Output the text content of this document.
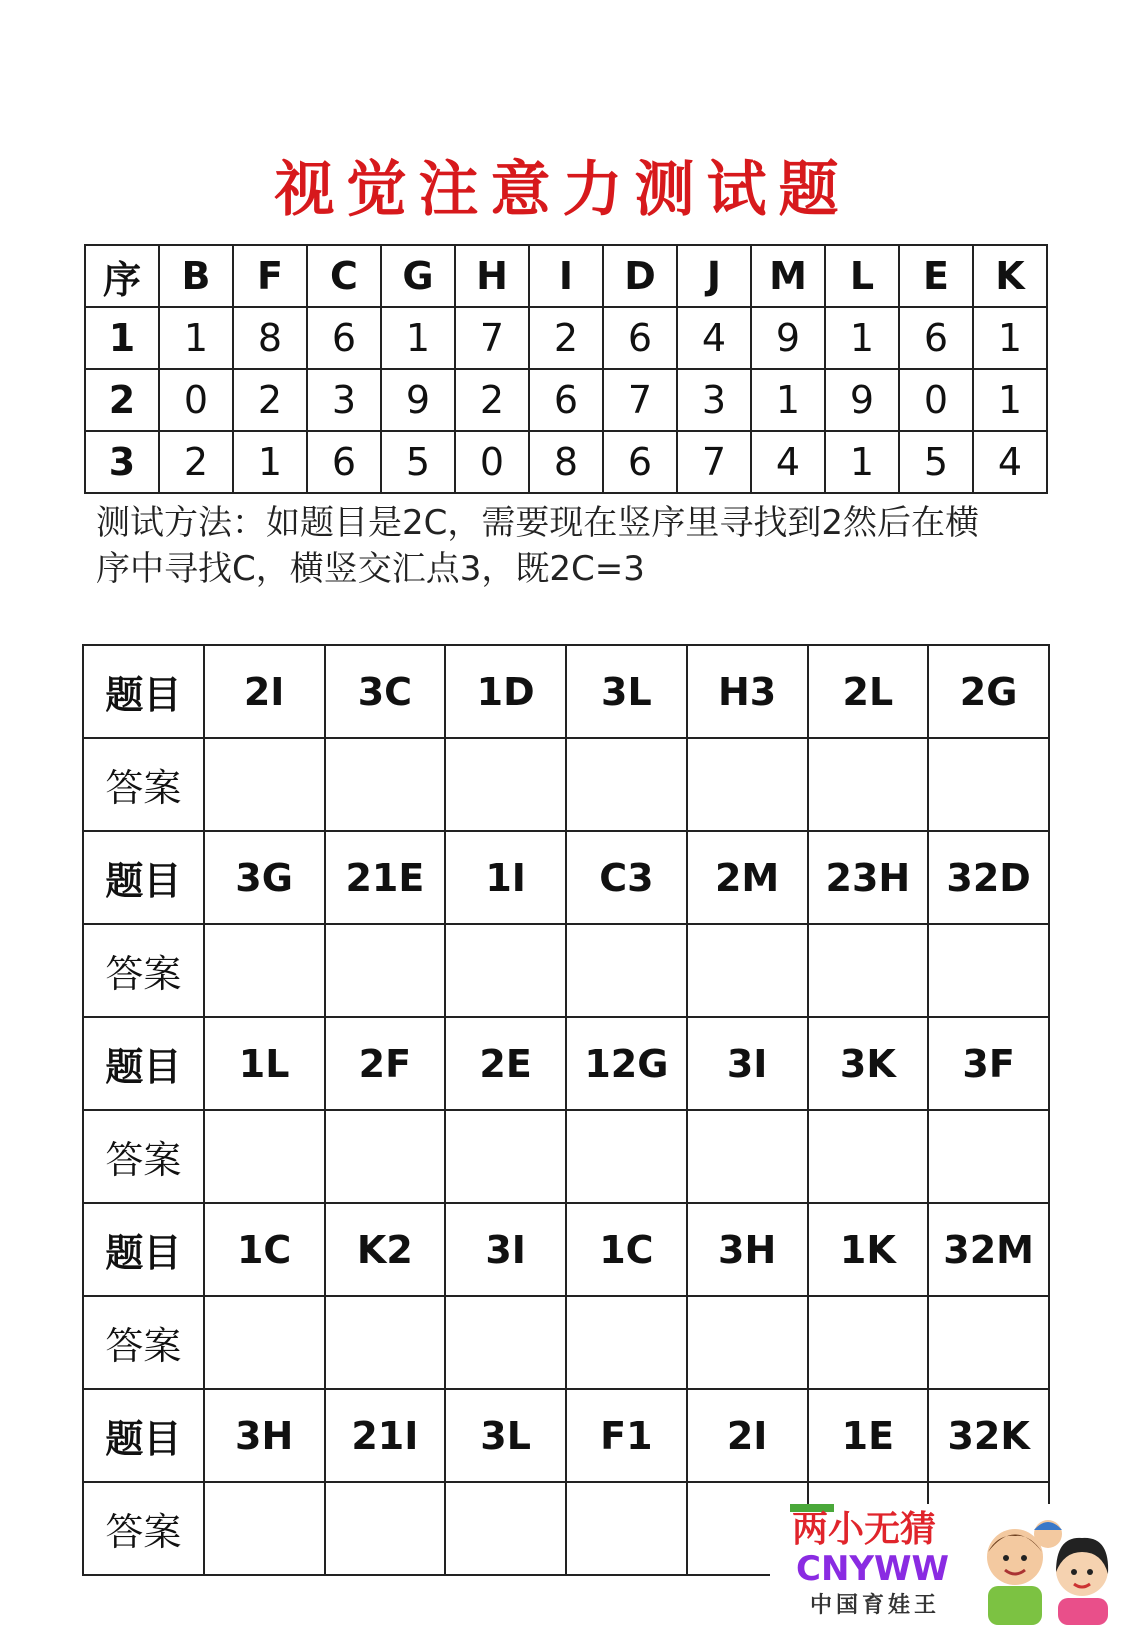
视觉注意力测试题
序	B	F	C	G	H	I	D	J	M	L	E	K
1	1	8	6	1	7	2	6	4	9	1	6	1
2	0	2	3	9	2	6	7	3	1	9	0	1
3	2	1	6	5	0	8	6	7	4	1	5	4
测试方法：如题目是2C，需要现在竖序里寻找到2然后在横
序中寻找C，横竖交汇点3，既2C=3
题目	2I	3C	1D	3L	H3	2L	2G
答案							
题目	3G	21E	1I	C3	2M	23H	32D
答案							
题目	1L	2F	2E	12G	3I	3K	3F
答案							
题目	1C	K2	3I	1C	3H	1K	32M
答案							
题目	3H	21I	3L	F1	2I	1E	32K
答案								两小无猜
CNYWW
中国育娃王
